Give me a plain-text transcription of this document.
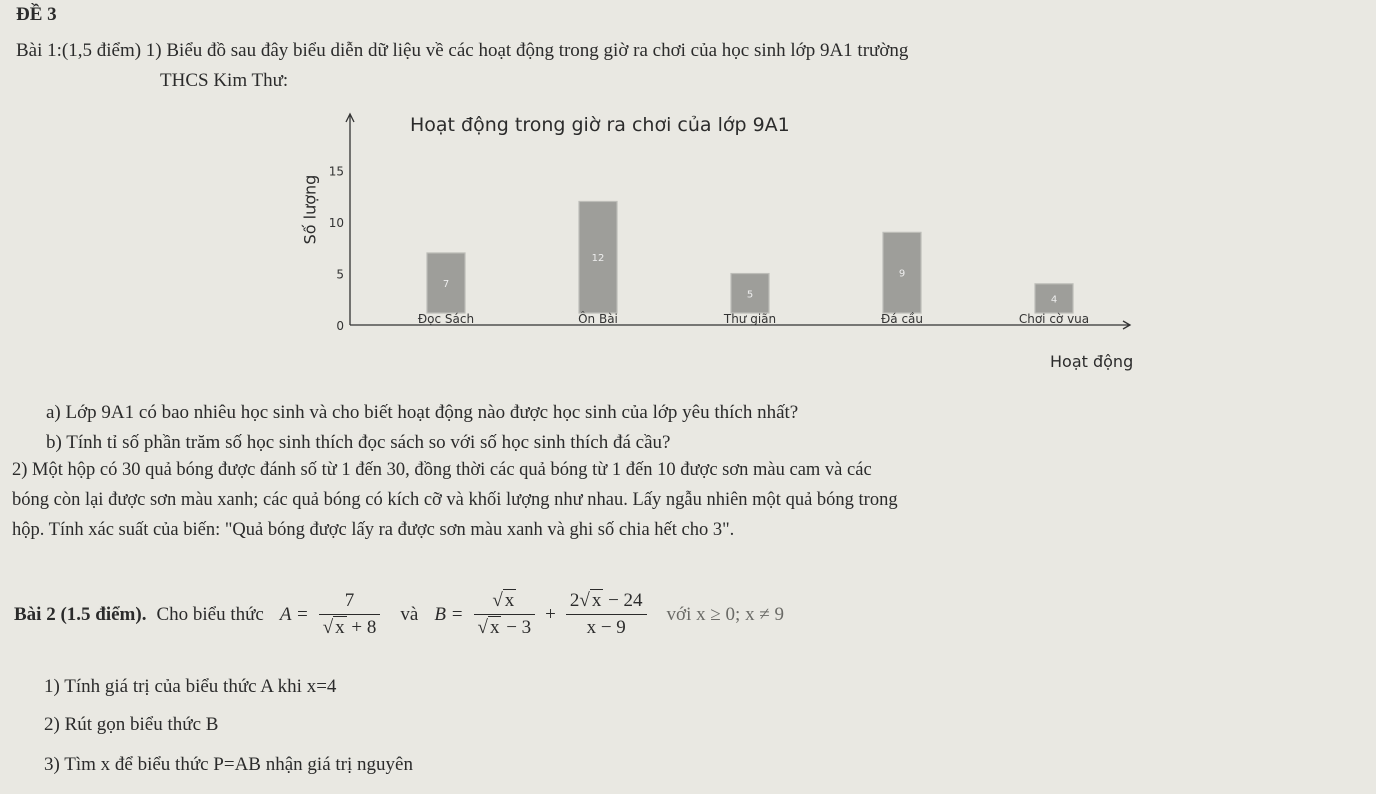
ĐỀ 3
Bài 1:(1,5 điểm) 1) Biểu đồ sau đây biểu diễn dữ liệu về các hoạt động trong giờ ra chơi của học sinh lớp 9A1 trường
THCS Kim Thư:
0
5
10
15
7
Đọc Sách
12
Ôn Bài
5
Thư giãn
9
Đá cầu
4
Chơi cờ vua
Hoạt động trong giờ ra chơi của lớp 9A1
Số lượng
Hoạt động
a) Lớp 9A1 có bao nhiêu học sinh và cho biết hoạt động nào được học sinh của lớp yêu thích nhất?
b) Tính tỉ số phần trăm số học sinh thích đọc sách so với số học sinh thích đá cầu?
2) Một hộp có 30 quả bóng được đánh số từ 1 đến 30, đồng thời các quả bóng từ 1 đến 10 được sơn màu cam và các
bóng còn lại được sơn màu xanh; các quả bóng có kích cỡ và khối lượng như nhau. Lấy ngẫu nhiên một quả bóng trong
hộp. Tính xác suất của biến: "Quả bóng được lấy ra được sơn màu xanh và ghi số chia hết cho 3".
Bài 2 (1.5 điểm). Cho biểu thức $A = \frac{7}{√ x + 8}$ và $B = \frac{√ x}{√ x - 3} + \frac{2√ x - 24}{x - 9}$ với x ≥ 0; x ≠ 9
1) Tính giá trị của biểu thức A khi x=4
2) Rút gọn biểu thức B
3) Tìm x để biểu thức P=AB nhận giá trị nguyên
